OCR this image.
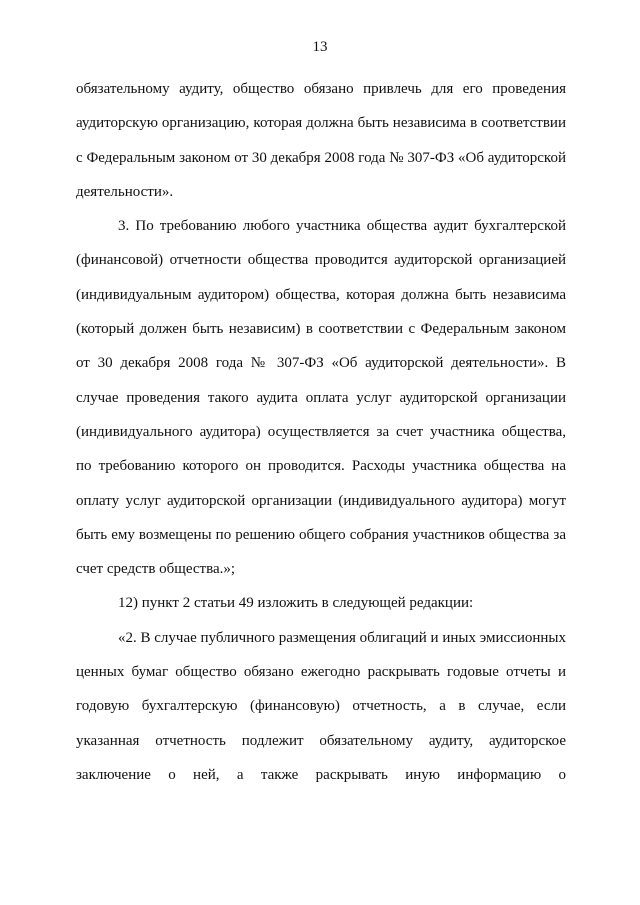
13

обязательному аудиту, общество обязано привлечь для его проведения аудиторскую организацию, которая должна быть независима в соответствии с Федеральным законом от 30 декабря 2008 года № 307-ФЗ «Об аудиторской деятельности».

3. По требованию любого участника общества аудит бухгалтерской (финансовой) отчетности общества проводится аудиторской организацией (индивидуальным аудитором) общества, которая должна быть независима (который должен быть независим) в соответствии с Федеральным законом от 30 декабря 2008 года № 307-ФЗ «Об аудиторской деятельности». В случае проведения такого аудита оплата услуг аудиторской организации (индивидуального аудитора) осуществляется за счет участника общества, по требованию которого он проводится. Расходы участника общества на оплату услуг аудиторской организации (индивидуального аудитора) могут быть ему возмещены по решению общего собрания участников общества за счет средств общества.»;

12) пункт 2 статьи 49 изложить в следующей редакции:

«2. В случае публичного размещения облигаций и иных эмиссионных ценных бумаг общество обязано ежегодно раскрывать годовые отчеты и годовую бухгалтерскую (финансовую) отчетность, а в случае, если указанная отчетность подлежит обязательному аудиту, аудиторское заключение о ней, а также раскрывать иную информацию о
